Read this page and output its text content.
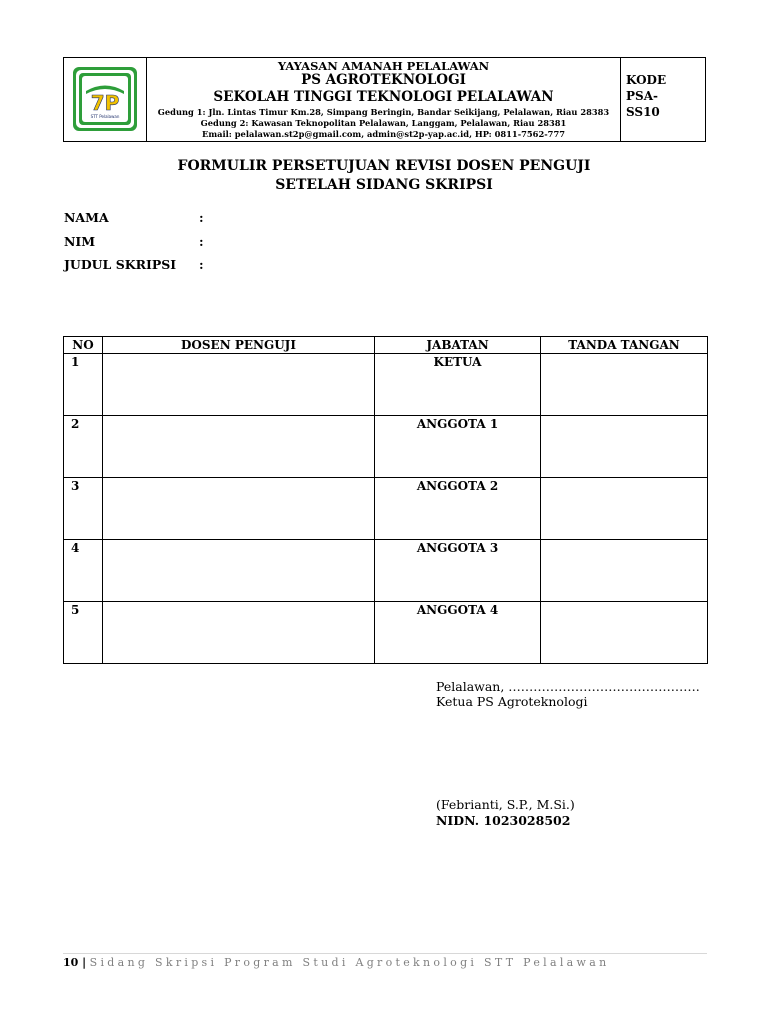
7P
STT Pelalawan
YAYASAN AMANAH PELALAWAN
PS AGROTEKNOLOGI
SEKOLAH TINGGI TEKNOLOGI PELALAWAN
Gedung 1: Jln. Lintas Timur Km.28, Simpang Beringin, Bandar Seikijang, Pelalawan, Riau 28383
Gedung 2: Kawasan Teknopolitan Pelalawan, Langgam, Pelalawan, Riau 28381
Email: pelalawan.st2p@gmail.com, admin@st2p-yap.ac.id, HP: 0811-7562-777
KODE
PSA-
SS10
FORMULIR PERSETUJUAN REVISI DOSEN PENGUJI
SETELAH SIDANG SKRIPSI
NAMA	:
NIM	:
JUDUL SKRIPSI :
NO	DOSEN PENGUJI	JABATAN	TANDA TANGAN
1		KETUA	
2		ANGGOTA 1	
3		ANGGOTA 2	
4		ANGGOTA 3	
5		ANGGOTA 4	
Pelalawan, ……………………………………….
Ketua PS Agroteknologi
(Febrianti, S.P., M.Si.)
NIDN. 1023028502
10 | Sidang Skripsi Program Studi Agroteknologi STT Pelalawan
